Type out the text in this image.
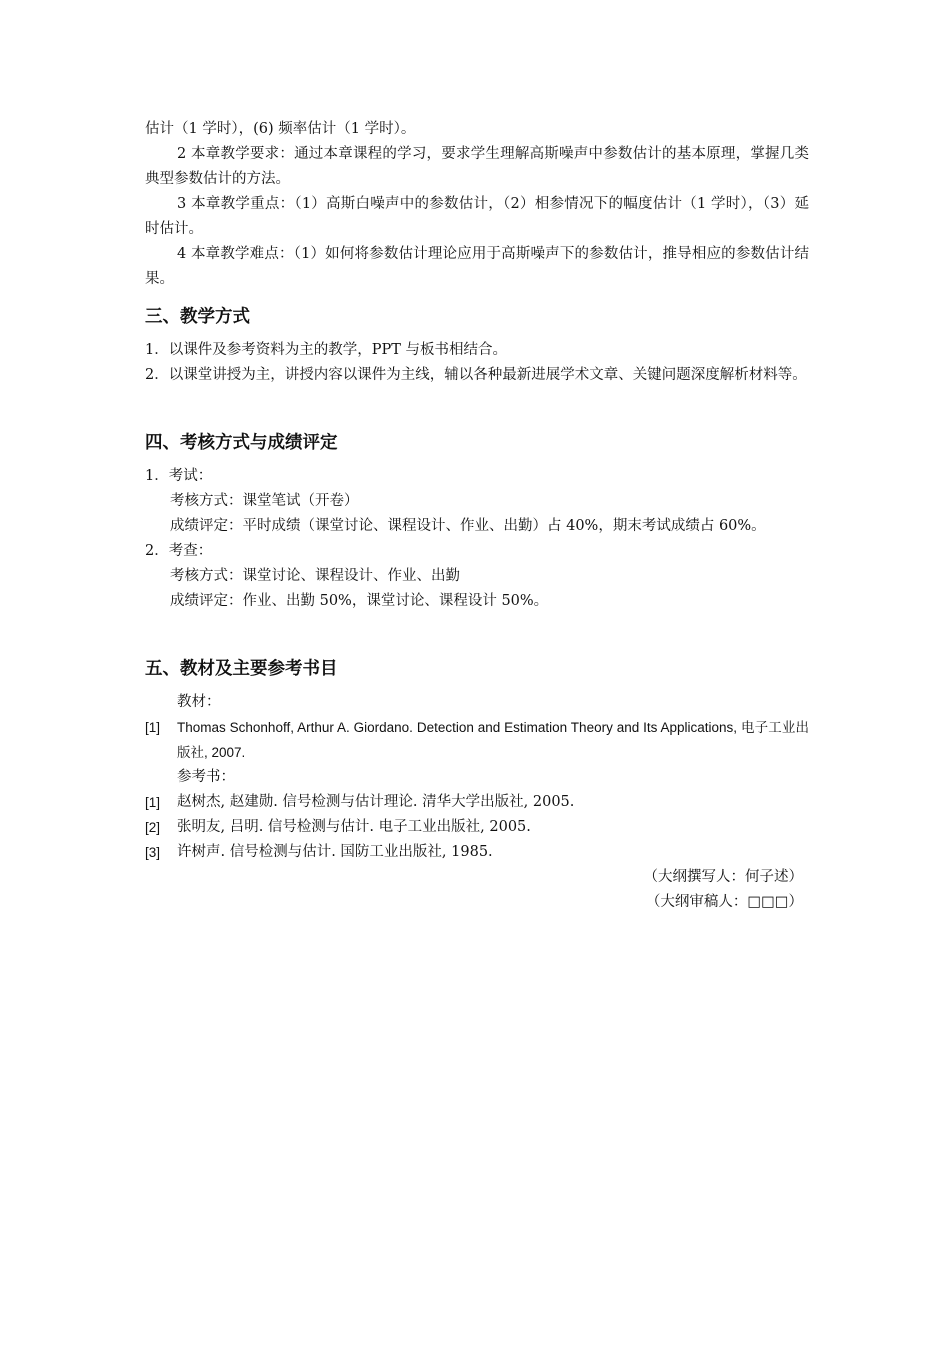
估计（1 学时），(6) 频率估计（1 学时）。

2 本章教学要求：通过本章课程的学习，要求学生理解高斯噪声中参数估计的基本原理，掌握几类典型参数估计的方法。

3 本章教学重点：（1）高斯白噪声中的参数估计，（2）相参情况下的幅度估计（1 学时），（3）延时估计。

4 本章教学难点：（1）如何将参数估计理论应用于高斯噪声下的参数估计，推导相应的参数估计结果。

三、教学方式

1．以课件及参考资料为主的教学，PPT 与板书相结合。

2．以课堂讲授为主，讲授内容以课件为主线，辅以各种最新进展学术文章、关键问题深度解析材料等。

四、考核方式与成绩评定

1．考试：

考核方式：课堂笔试（开卷）

成绩评定：平时成绩（课堂讨论、课程设计、作业、出勤）占 40%，期末考试成绩占 60%。

2．考查：

考核方式：课堂讨论、课程设计、作业、出勤

成绩评定：作业、出勤 50%，课堂讨论、课程设计 50%。

五、教材及主要参考书目

教材：

[1]	Thomas Schonhoff, Arthur A. Giordano. Detection and Estimation Theory and Its Applications, 电子工业出版社, 2007.

参考书：

[1]	赵树杰, 赵建勋. 信号检测与估计理论. 清华大学出版社, 2005.
[2]	张明友, 吕明. 信号检测与估计. 电子工业出版社, 2005.
[3]	许树声. 信号检测与估计. 国防工业出版社, 1985.

（大纲撰写人：何子述）

（大纲审稿人：□□□）
